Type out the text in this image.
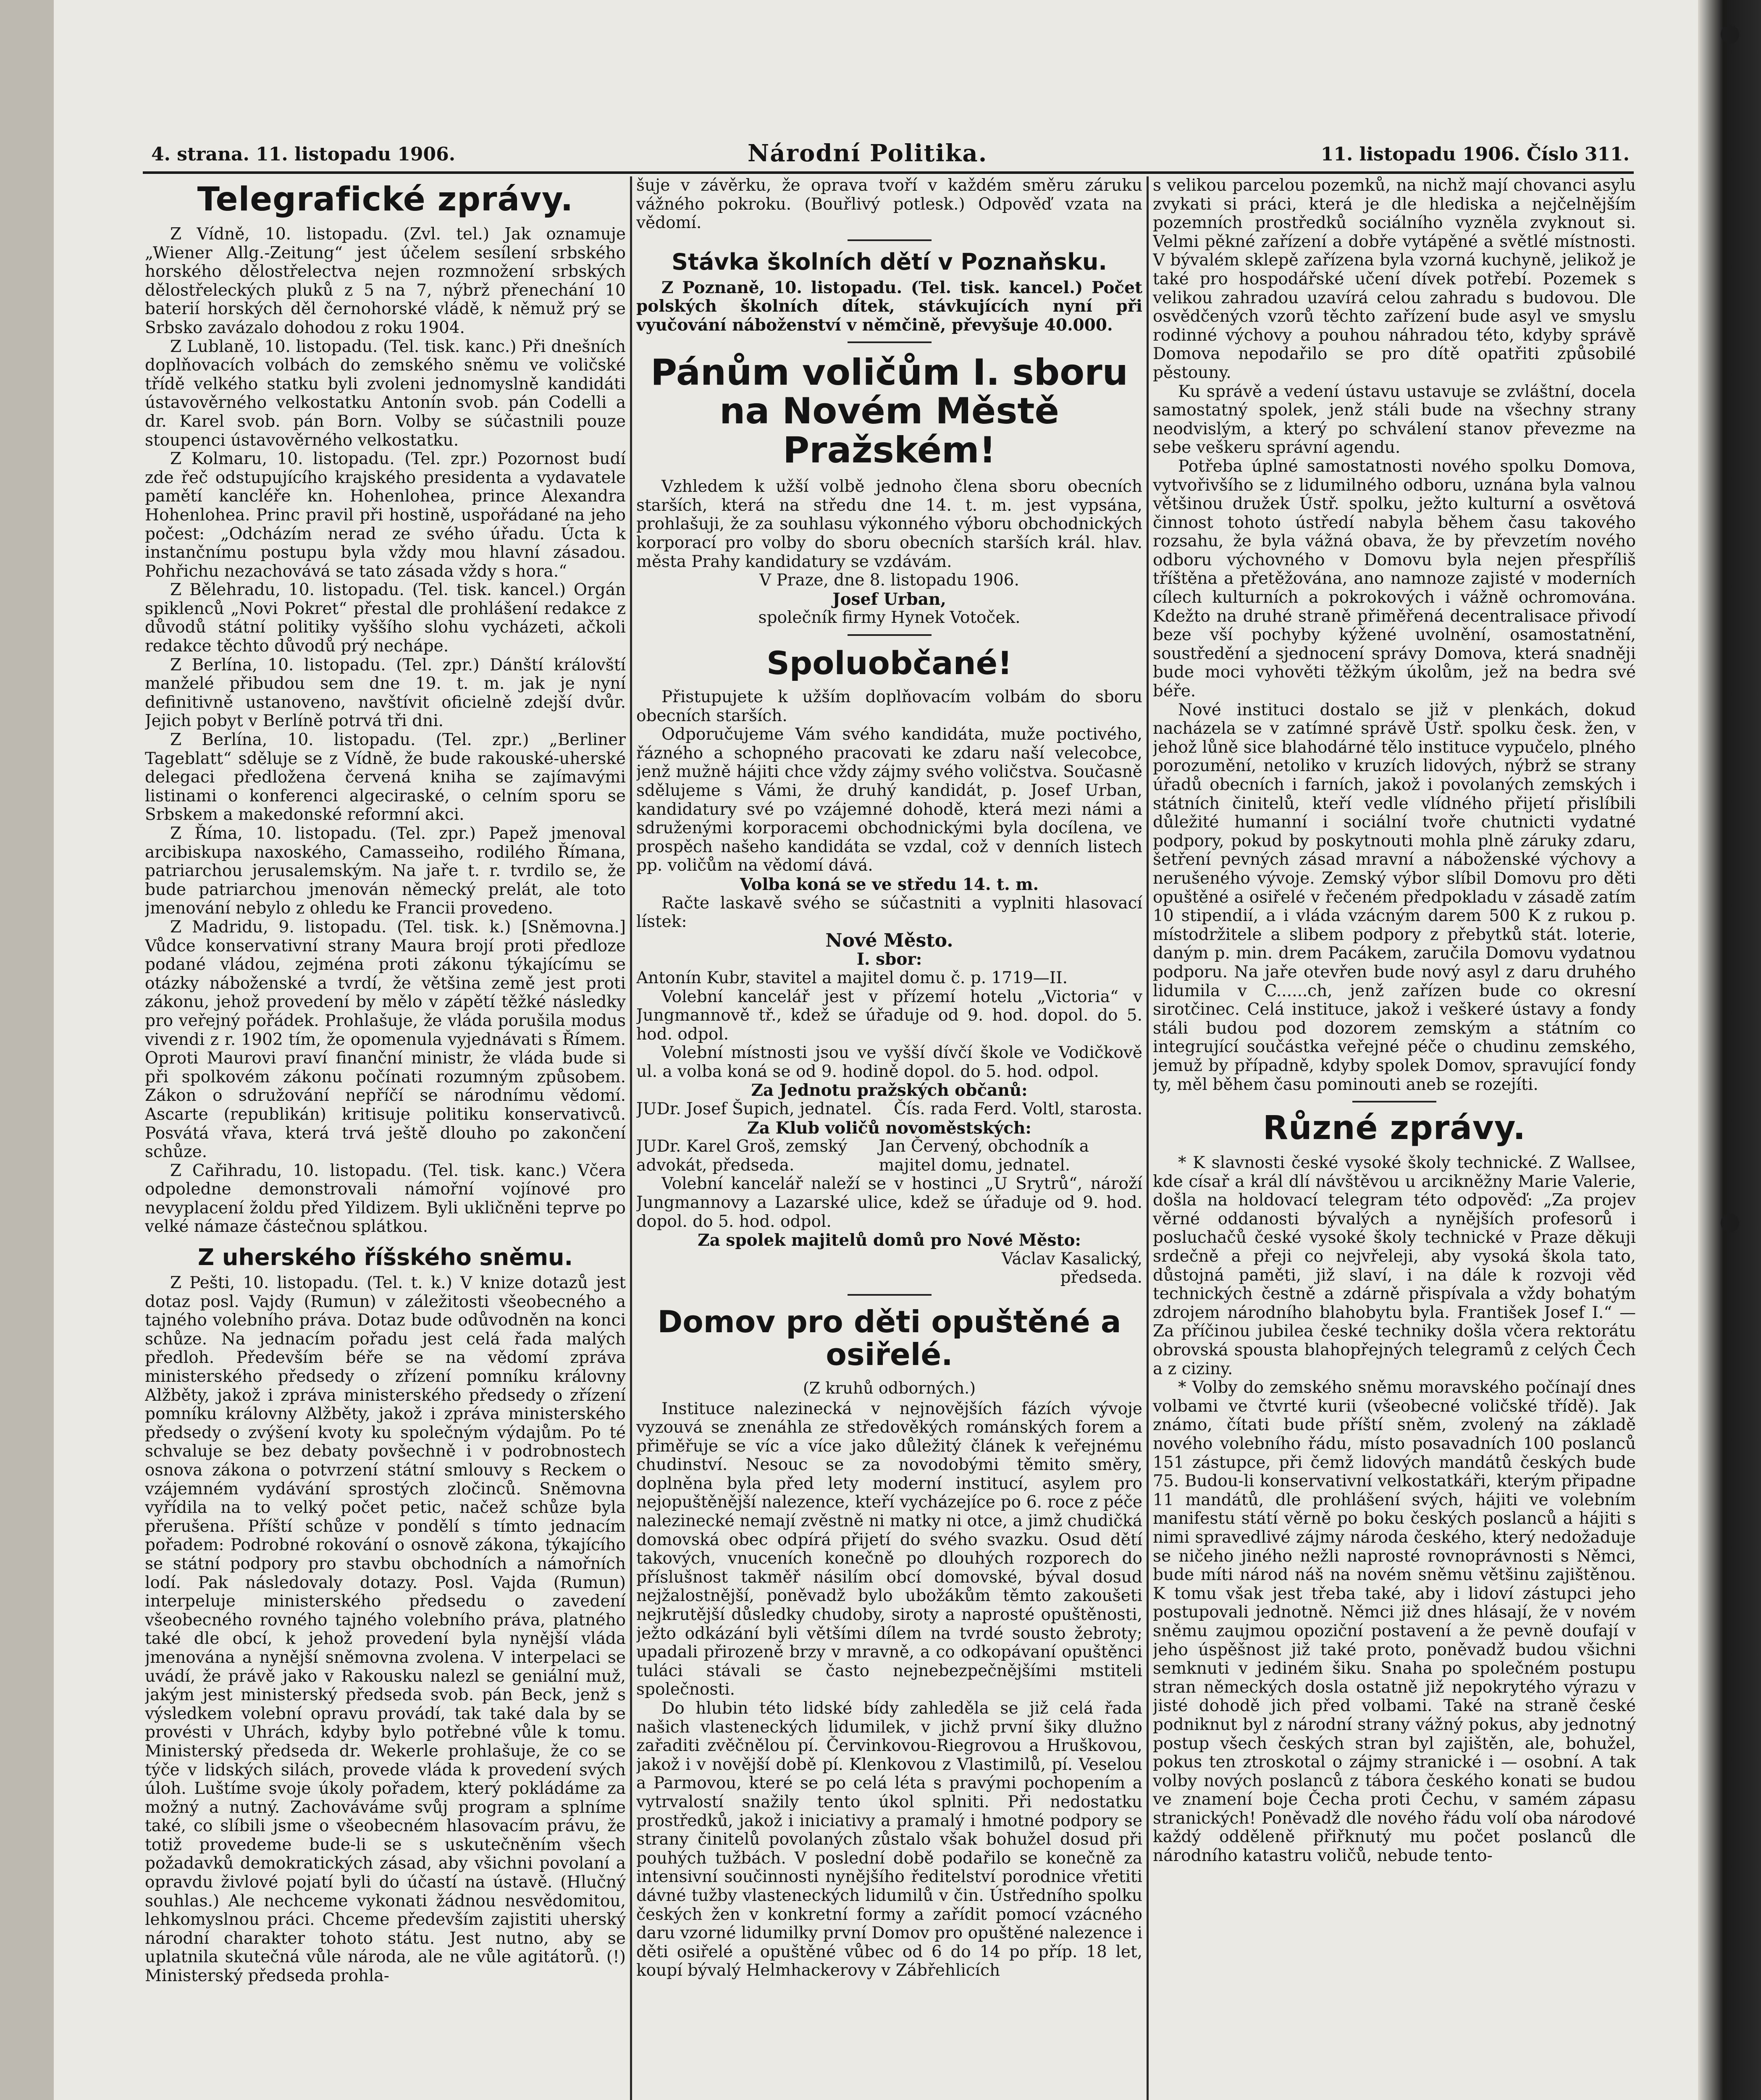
4. strana. 11. listopadu 1906.	Národní Politika.	11. listopadu 1906. Číslo 311.
Telegrafické zprávy.

Z Vídně, 10. listopadu. (Zvl. tel.) Jak oznamuje „Wiener Allg.-Zeitung“ jest účelem sesílení srbského horského dělostřelectva nejen rozmnožení srbských dělostřeleckých pluků z 5 na 7, nýbrž přenechání 10 baterií horských děl černohorské vládě, k němuž prý se Srbsko zavázalo dohodou z roku 1904.

Z Lublaně, 10. listopadu. (Tel. tisk. kanc.) Při dnešních doplňovacích volbách do zemského sněmu ve voličské třídě velkého statku byli zvoleni jednomyslně kandidáti ústavověrného velkostatku Antonín svob. pán Codelli a dr. Karel svob. pán Born. Volby se súčastnili pouze stoupenci ústavověrného velkostatku.

Z Kolmaru, 10. listopadu. (Tel. zpr.) Pozornost budí zde řeč odstupujícího krajského presidenta a vydavatele pamětí kancléře kn. Hohenlohea, prince Alexandra Hohenlohea. Princ pravil při hostině, uspořádané na jeho počest: „Odcházím nerad ze svého úřadu. Úcta k instančnímu postupu byla vždy mou hlavní zásadou. Pohřichu nezachovává se tato zásada vždy s hora.“

Z Bělehradu, 10. listopadu. (Tel. tisk. kancel.) Orgán spiklenců „Novi Pokret“ přestal dle prohlášení redakce z důvodů státní politiky vyššího slohu vycházeti, ačkoli redakce těchto důvodů prý nechápe.

Z Berlína, 10. listopadu. (Tel. zpr.) Dánští královští manželé přibudou sem dne 19. t. m. jak je nyní definitivně ustanoveno, navštívit oficielně zdejší dvůr. Jejich pobyt v Berlíně potrvá tři dni.

Z Berlína, 10. listopadu. (Tel. zpr.) „Berliner Tageblatt“ sděluje se z Vídně, že bude rakouské-uherské delegaci předložena červená kniha se zajímavými listinami o konferenci algeciraské, o celním sporu se Srbskem a makedonské reformní akci.

Z Říma, 10. listopadu. (Tel. zpr.) Papež jmenoval arcibiskupa naxoského, Camasseiho, rodilého Římana, patriarchou jerusalemským. Na jaře t. r. tvrdilo se, že bude patriarchou jmenován německý prelát, ale toto jmenování nebylo z ohledu ke Francii provedeno.

Z Madridu, 9. listopadu. (Tel. tisk. k.) [Sněmovna.] Vůdce konservativní strany Maura brojí proti předloze podané vládou, zejména proti zákonu týkajícímu se otázky náboženské a tvrdí, že většina země jest proti zákonu, jehož provedení by mělo v zápětí těžké následky pro veřejný pořádek. Prohlašuje, že vláda porušila modus vivendi z r. 1902 tím, že opomenula vyjednávati s Římem. Oproti Maurovi praví finanční ministr, že vláda bude si při spolkovém zákonu počínati rozumným způsobem. Zákon o sdružování nepříčí se národnímu vědomí. Ascarte (republikán) kritisuje politiku konservativců. Posvátá vřava, která trvá ještě dlouho po zakončení schůze.

Z Cařihradu, 10. listopadu. (Tel. tisk. kanc.) Včera odpoledne demonstrovali námořní vojínové pro nevyplacení žoldu před Yildizem. Byli ukličněni teprve po velké námaze částečnou splátkou.

Z uherského říšského sněmu.

Z Pešti, 10. listopadu. (Tel. t. k.) V knize dotazů jest dotaz posl. Vajdy (Rumun) v záležitosti všeobecného a tajného volebního práva. Dotaz bude odůvodněn na konci schůze. Na jednacím pořadu jest celá řada malých předloh. Především béře se na vědomí zpráva ministerského předsedy o zřízení pomníku královny Alžběty, jakož i zpráva ministerského předsedy o zřízení pomníku královny Alžběty, jakož i zpráva ministerského předsedy o zvýšení kvoty ku společným výdajům. Po té schvaluje se bez debaty povšechně i v podrobnostech osnova zákona o potvrzení státní smlouvy s Reckem o vzájemném vydávání sprostých zločinců. Sněmovna vyřídila na to velký počet petic, načež schůze byla přerušena. Příští schůze v pondělí s tímto jednacím pořadem: Podrobné rokování o osnově zákona, týkajícího se státní podpory pro stavbu obchodních a námořních lodí. Pak následovaly dotazy. Posl. Vajda (Rumun) interpeluje ministerského předsedu o zavedení všeobecného rovného tajného volebního práva, platného také dle obcí, k jehož provedení byla nynější vláda jmenována a nynější sněmovna zvolena. V interpelaci se uvádí, že právě jako v Rakousku nalezl se geniální muž, jakým jest ministerský předseda svob. pán Beck, jenž s výsledkem volební opravu provádí, tak také dala by se provésti v Uhrách, kdyby bylo potřebné vůle k tomu. Ministerský předseda dr. Wekerle prohlašuje, že co se týče v lidských silách, provede vláda k provedení svých úloh. Luštíme svoje úkoly pořadem, který pokládáme za možný a nutný. Zachováváme svůj program a splníme také, co slíbili jsme o všeobecném hlasovacím právu, že totiž provedeme bude-li se s uskutečněním všech požadavků demokratických zásad, aby všichni povolaní a opravdu živlové pojatí byli do účastí na ústavě. (Hlučný souhlas.) Ale nechceme vykonati žádnou nesvědomitou, lehkomyslnou práci. Chceme především zajistiti uherský národní charakter tohoto státu. Jest nutno, aby se uplatnila skutečná vůle národa, ale ne vůle agitátorů. (!) Ministerský předseda prohla-

šuje v závěrku, že oprava tvoří v každém směru záruku vážného pokroku. (Bouřlivý potlesk.) Odpověď vzata na vědomí.

Stávka školních dětí v Poznaňsku.

Z Poznaně, 10. listopadu. (Tel. tisk. kancel.) Počet polských školních dítek, stávkujících nyní při vyučování náboženství v němčině, převyšuje 40.000.

Pánům voličům I. sboru na Novém Městě Pražském!

Vzhledem k užší volbě jednoho člena sboru obecních starších, která na středu dne 14. t. m. jest vypsána, prohlašuji, že za souhlasu výkonného výboru obchodnických korporací pro volby do sboru obecních starších král. hlav. města Prahy kandidatury se vzdávám.

V Praze, dne 8. listopadu 1906.

Josef Urban,

společník firmy Hynek Votoček.

Spoluobčané!

Přistupujete k užším doplňovacím volbám do sboru obecních starších.

Odporučujeme Vám svého kandidáta, muže poctivého, řázného a schopného pracovati ke zdaru naší velecobce, jenž mužně hájiti chce vždy zájmy svého voličstva. Současně sdělujeme s Vámi, že druhý kandidát, p. Josef Urban, kandidatury své po vzájemné dohodě, která mezi námi a sdruženými korporacemi obchodnickými byla docílena, ve prospěch našeho kandidáta se vzdal, což v denních listech pp. voličům na vědomí dává.

Volba koná se ve středu 14. t. m.

Račte laskavě svého se súčastniti a vyplniti hlasovací lístek:

Nové Město.

I. sbor:

Antonín Kubr, stavitel a majitel domu č. p. 1719—II.

Volební kancelář jest v přízemí hotelu „Victoria“ v Jungmannově tř., kdež se úřaduje od 9. hod. dopol. do 5. hod. odpol.

Volební místnosti jsou ve vyšší dívčí škole ve Vodičkově ul. a volba koná se od 9. hodině dopol. do 5. hod. odpol.

Za Jednotu pražských občanů:

JUDr. Josef Šupich, jednatel. Čís. rada Ferd. Voltl, starosta.

Za Klub voličů novoměstských:

JUDr. Karel Groš, zemský advokát, předseda.
Jan Červený, obchodník a majitel domu, jednatel.

Volební kancelář naleží se v hostinci „U Srytrů“, nároží Jungmannovy a Lazarské ulice, kdež se úřaduje od 9. hod. dopol. do 5. hod. odpol.

Za spolek majitelů domů pro Nové Město:

Václav Kasalický,

předseda.

Domov pro děti opuštěné a osiřelé.
(Z kruhů odborných.)

Instituce nalezinecká v nejnovějších fázích vývoje vyzouvá se znenáhla ze středověkých románských forem a přiměřuje se víc a více jako důležitý článek k veřejnému chudinství. Nesouc se za novodobými těmito směry, doplněna byla před lety moderní institucí, asylem pro nejopuštěnější nalezence, kteří vycházejíce po 6. roce z péče nalezinecké nemají zvěstně ni matky ni otce, a jimž chudičká domovská obec odpírá přijetí do svého svazku. Osud dětí takových, vnuceních konečně po dlouhých rozporech do příslušnost takměř násilím obcí domovské, býval dosud nejžalostnější, poněvadž bylo ubožákům těmto zakoušeti nejkrutější důsledky chudoby, siroty a naprosté opuštěnosti, ježto odkázání byli většími dílem na tvrdé sousto žebroty; upadali přirozeně brzy v mravně, a co odkopávaní opuštěnci tuláci stávali se často nejnebezpečnějšími mstiteli společnosti.

Do hlubin této lidské bídy zahleděla se již celá řada našich vlasteneckých lidumilek, v jichž první šiky dlužno zařaditi zvěčnělou pí. Červinkovou-Riegrovou a Hruškovou, jakož i v novější době pí. Klenkovou z Vlastimilů, pí. Veselou a Parmovou, které se po celá léta s pravými pochopením a vytrvalostí snažily tento úkol splniti. Při nedostatku prostředků, jakož i iniciativy a pramalý i hmotné podpory se strany činitelů povolaných zůstalo však bohužel dosud při pouhých tužbách. V poslední době podařilo se konečně za intensivní součinnosti nynějšího ředitelství porodnice vřetiti dávné tužby vlasteneckých lidumilů v čin. Ústředního spolku českých žen v konkretní formy a zařídit pomocí vzácného daru vzorné lidumilky první Domov pro opuštěné nalezence i děti osiřelé a opuštěné vůbec od 6 do 14 po příp. 18 let, koupí bývalý Helmhackerovy v Zábřehlicích

s velikou parcelou pozemků, na nichž mají chovanci asylu zvykati si práci, která je dle hlediska a nejčelnějším pozemních prostředků sociálního vyzněla zvyknout si. Velmi pěkné zařízení a dobře vytápěné a světlé místnosti. V bývalém sklepě zařízena byla vzorná kuchyně, jelikož je také pro hospodářské učení dívek potřebí. Pozemek s velikou zahradou uzavírá celou zahradu s budovou. Dle osvědčených vzorů těchto zařízení bude asyl ve smyslu rodinné výchovy a pouhou náhradou této, kdyby správě Domova nepodařilo se pro dítě opatřiti způsobilé pěstouny.

Ku správě a vedení ústavu ustavuje se zvláštní, docela samostatný spolek, jenž stáli bude na všechny strany neodvislým, a který po schválení stanov převezme na sebe veškeru správní agendu.

Potřeba úplné samostatnosti nového spolku Domova, vytvořivšího se z lidumilného odboru, uznána byla valnou většinou družek Ústř. spolku, ježto kulturní a osvětová činnost tohoto ústředí nabyla během času takového rozsahu, že byla vážná obava, že by převzetím nového odboru výchovného v Domovu byla nejen přespříliš tříštěna a přetěžována, ano namnoze zajisté v moderních cílech kulturních a pokrokových i vážně ochromována. Kdežto na druhé straně přiměřená decentralisace přivodí beze vší pochyby kýžené uvolnění, osamostatnění, soustředění a sjednocení správy Domova, která snadněji bude moci vyhověti těžkým úkolům, jež na bedra své béře.

Nové instituci dostalo se již v plenkách, dokud nacházela se v zatímné správě Ústř. spolku česk. žen, v jehož lůně sice blahodárné tělo instituce vypučelo, plného porozumění, netoliko v kruzích lidových, nýbrž se strany úřadů obecních i farních, jakož i povolaných zemských i státních činitelů, kteří vedle vlídného přijetí přislíbili důležité humanní i sociální tvoře chutnicti vydatné podpory, pokud by poskytnouti mohla plně záruky zdaru, šetření pevných zásad mravní a náboženské výchovy a nerušeného vývoje. Zemský výbor slíbil Domovu pro děti opuštěné a osiřelé v řečeném předpokladu v zásadě zatím 10 stipendií, a i vláda vzácným darem 500 K z rukou p. místodržitele a slibem podpory z přebytků stát. loterie, daným p. min. drem Pacákem, zaručila Domovu vydatnou podporu. Na jaře otevřen bude nový asyl z daru druhého lidumila v C......ch, jenž zařízen bude co okresní sirotčinec. Celá instituce, jakož i veškeré ústavy a fondy stáli budou pod dozorem zemským a státním co integrující součástka veřejné péče o chudinu zemského, jemuž by případně, kdyby spolek Domov, spravující fondy ty, měl během času pominouti aneb se rozejíti.

Různé zprávy.

* K slavnosti české vysoké školy technické. Z Wallsee, kde císař a král dlí návštěvou u arcikněžny Marie Valerie, došla na holdovací telegram této odpověď: „Za projev věrné oddanosti bývalých a nynějších profesorů i posluchačů české vysoké školy technické v Praze děkuji srdečně a přeji co nejvřeleji, aby vysoká škola tato, důstojná paměti, již slaví, i na dále k rozvoji věd technických čestně a zdárně přispívala a vždy bohatým zdrojem národního blahobytu byla. František Josef I.“ — Za příčinou jubilea české techniky došla včera rektorátu obrovská spousta blahopřejných telegramů z celých Čech a z ciziny.

* Volby do zemského sněmu moravského počínají dnes volbami ve čtvrté kurii (všeobecné voličské třídě). Jak známo, čítati bude příští sněm, zvolený na základě nového volebního řádu, místo posavadních 100 poslanců 151 zástupce, při čemž lidových mandátů českých bude 75. Budou-li konservativní velkostatkáři, kterým připadne 11 mandátů, dle prohlášení svých, hájiti ve volebním manifestu státí věrně po boku českých poslanců a hájiti s nimi spravedlivé zájmy národa českého, který nedožaduje se ničeho jiného nežli naprosté rovnoprávnosti s Němci, bude míti národ náš na novém sněmu většinu zajištěnou. K tomu však jest třeba také, aby i lidoví zástupci jeho postupovali jednotně. Němci již dnes hlásají, že v novém sněmu zaujmou opoziční postavení a že pevně doufají v jeho úspěšnost již také proto, poněvadž budou všichni semknuti v jediném šiku. Snaha po společném postupu stran německých dosla ostatně již nepokrytého výrazu v jisté dohodě jich před volbami. Také na straně české podniknut byl z národní strany vážný pokus, aby jednotný postup všech českých stran byl zajištěn, ale, bohužel, pokus ten ztroskotal o zájmy stranické i — osobní. A tak volby nových poslanců z tábora českého konati se budou ve znamení boje Čecha proti Čechu, v samém zápasu stranických! Poněvadž dle nového řádu volí oba národové každý odděleně přiřknutý mu počet poslanců dle národního katastru voličů, nebude tento-
